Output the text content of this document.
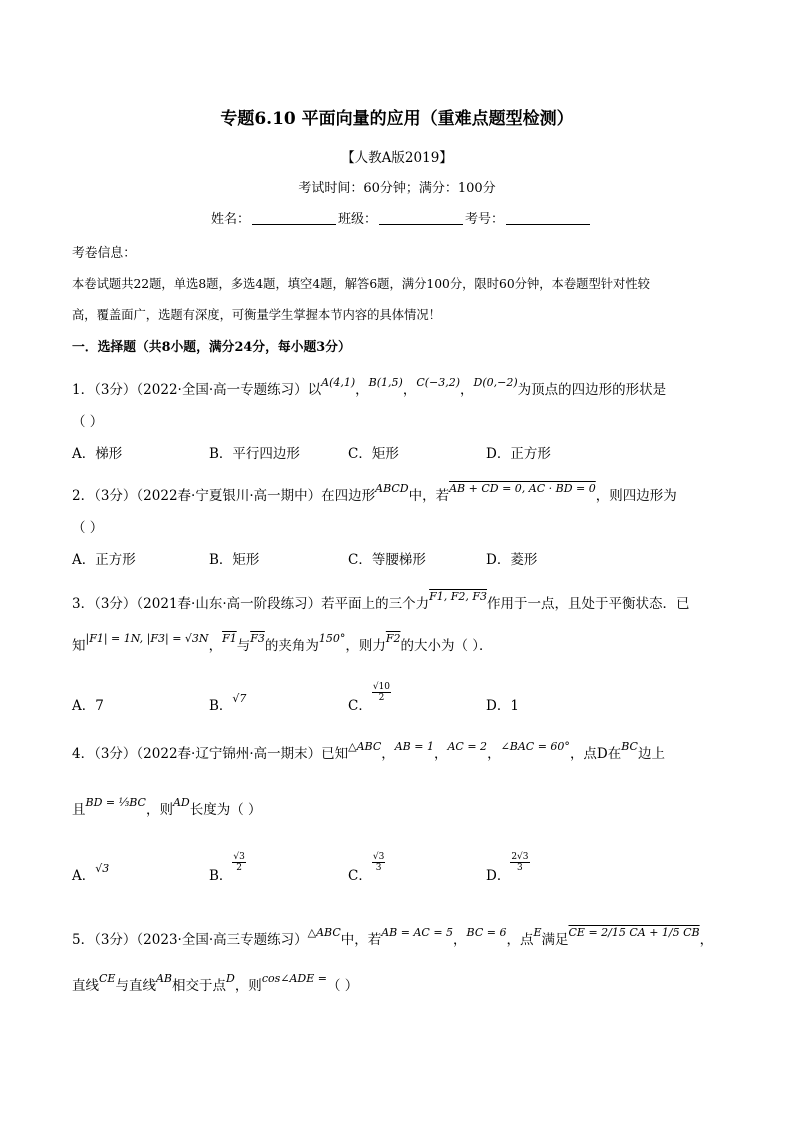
专题6.10 平面向量的应用（重难点题型检测）
【人教A版2019】
考试时间：60分钟；满分：100分
姓名：	班级：	考号：
考卷信息：
本卷试题共22题，单选8题，多选4题，填空4题，解答6题，满分100分，限时60分钟，本卷题型针对性较
高，覆盖面广，选题有深度，可衡量学生掌握本节内容的具体情况！
一．选择题（共8小题，满分24分，每小题3分）
1．（3分）（2022·全国·高一专题练习）以$^{A(4,1)}$，$^{B(1,5)}$，$^{C(-3,2)}$，$^{D(0,-2)}$为顶点的四边形的形状是
（ ）
A．梯形	B．平行四边形	C．矩形	D．正方形
2．（3分）（2022春·宁夏银川·高一期中）在四边形$^{ABCD}$中，若$^{AB + CD = 0, AC \cdot BD = 0}$，则四边形为
（ ）
A．正方形	B．矩形	C．等腰梯形	D．菱形
3．（3分）（2021春·山东·高一阶段练习）若平面上的三个力$^{F1, F2, F3}$作用于一点，且处于平衡状态．已
知$^{|F1| = 1N, |F3| = √3N}$，$^{F1}$与$^{F3}$的夹角为$^{150^\circ}$，则力$^{F2}$的大小为（ ）．
A．7	B．$^{√7}$	C．
$\frac{√10}{2}$
D．1
4．（3分）（2022春·辽宁锦州·高一期末）已知$^{\triangle ABC}$，$^{AB = 1}$，$^{AC = 2}$，$^{\angle BAC = 60^\circ}$，点D在$^{BC}$边上
且$^{BD = \frac{1}{3}BC}$，则$^{AD}$长度为（ ）
A．$^{√3}$	B．
$\frac{√3}{2}$
C．
$\frac{√3}{3}$
D．
$\frac{2√3}{3}$
5．（3分）（2023·全国·高三专题练习）$^{\triangle ABC}$中，若$^{AB = AC = 5}$，$^{BC = 6}$，点$^E$满足$^{CE = 2/15 CA + 1/5 CB}$，
直线$^{CE}$与直线$^{AB}$相交于点$^D$，则$^{cos\angle ADE =}$（ ）
